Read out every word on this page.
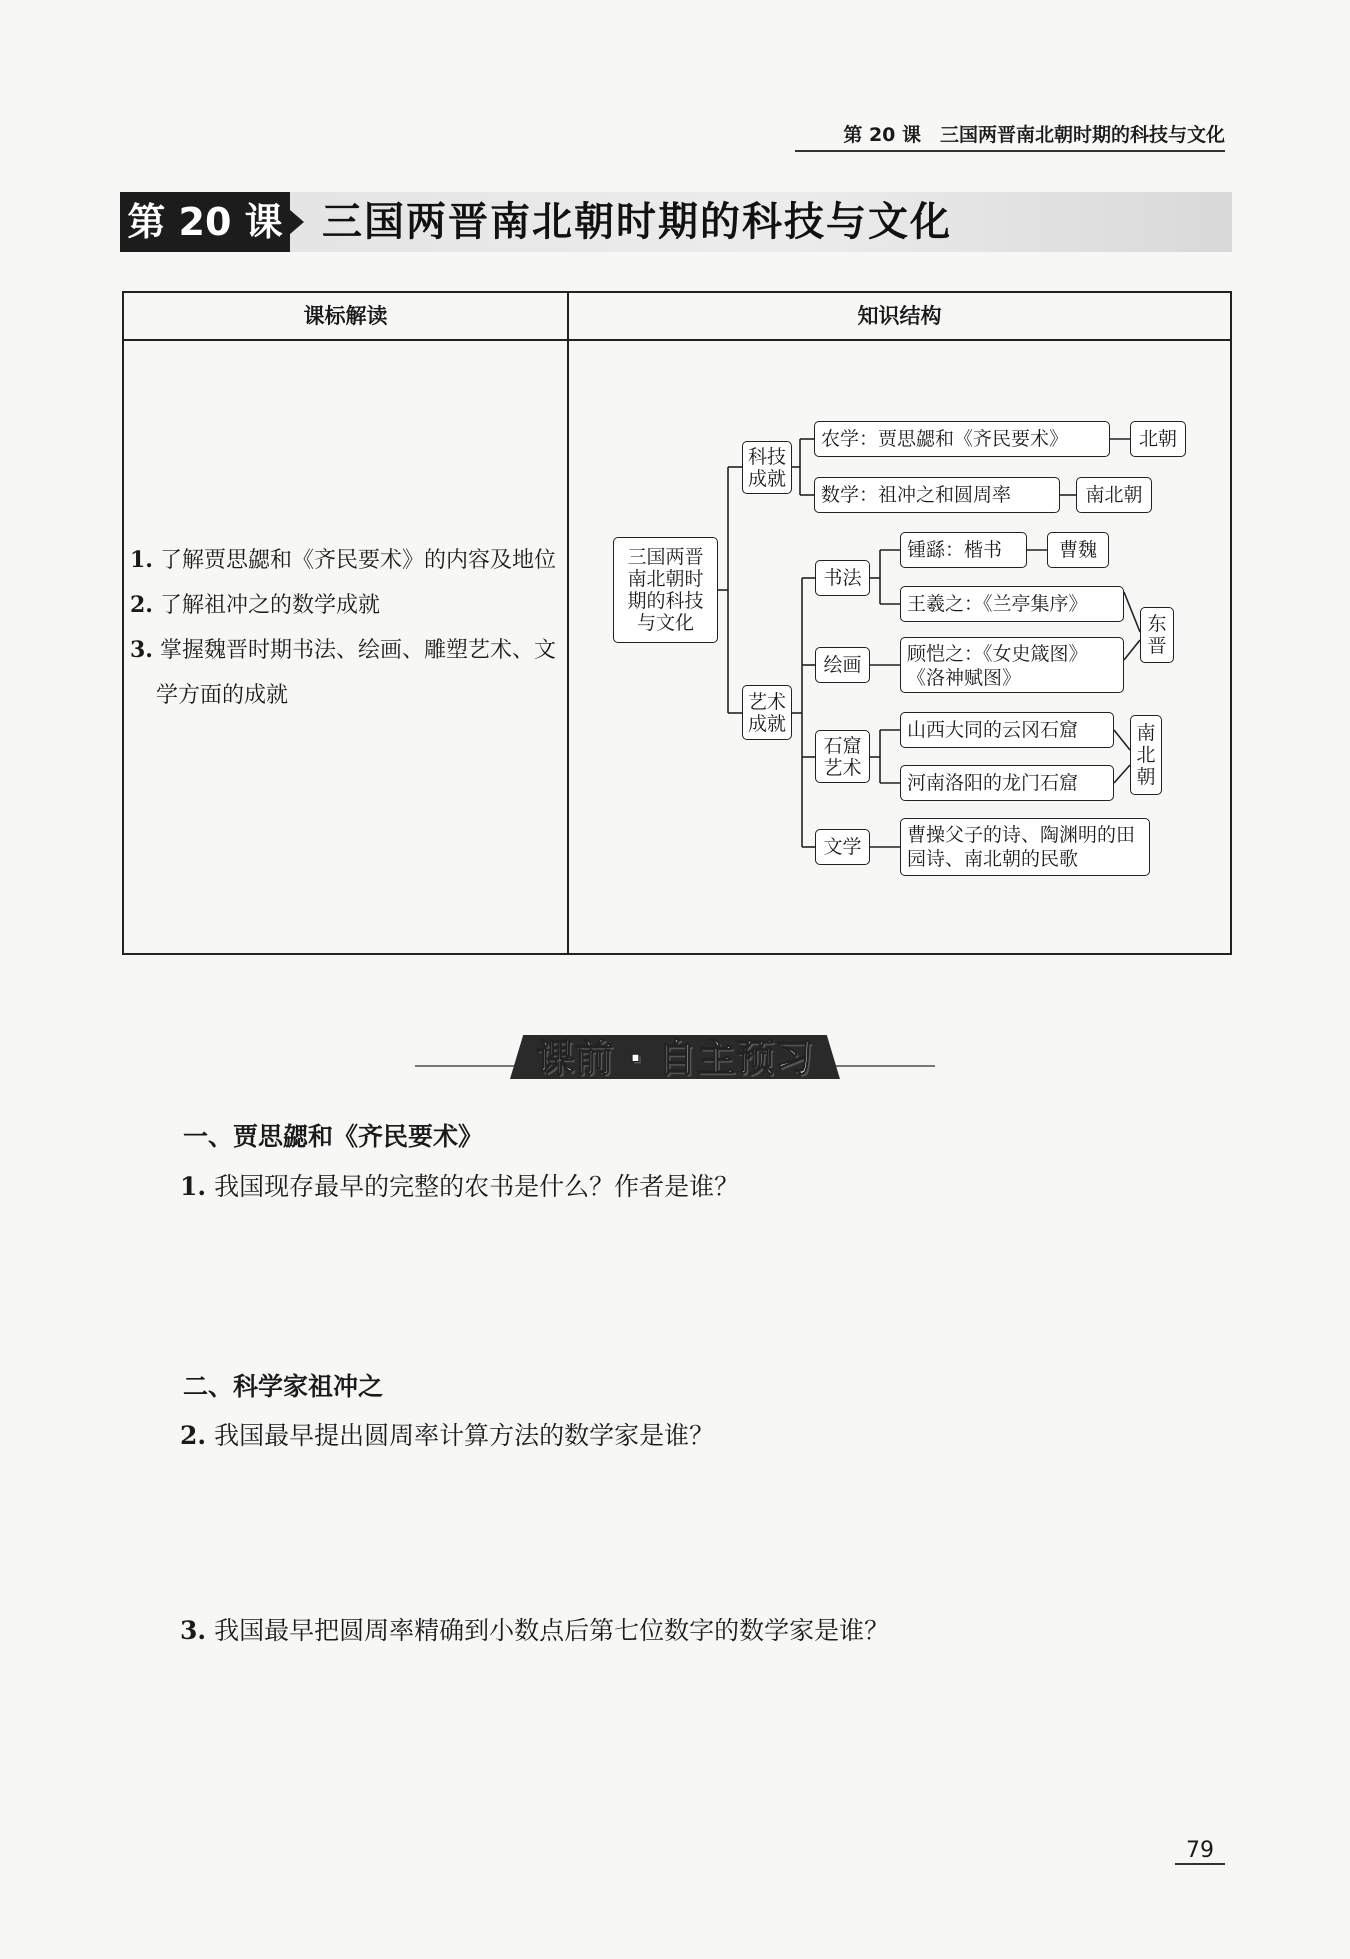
第 20 课　三国两晋南北朝时期的科技与文化
第 20 课 三国两晋南北朝时期的科技与文化
课标解读	知识结构
1. 了解贾思勰和《齐民要术》的内容及地位
2. 了解祖冲之的数学成就
3. 掌握魏晋时期书法、绘画、雕塑艺术、文学方面的成就
三国两晋南北朝时期的科技与文化
科技成就
农学：贾思勰和《齐民要术》	北朝
数学：祖冲之和圆周率	南北朝
艺术成就
书法
锺繇：楷书	曹魏
王羲之：《兰亭集序》
东晋
绘画	顾恺之：《女史箴图》
《洛神赋图》
石窟艺术
山西大同的云冈石窟
河南洛阳的龙门石窟
南北朝
文学
曹操父子的诗、陶渊明的田园诗、南北朝的民歌
课前 · 自主预习
一、贾思勰和《齐民要术》
1. 我国现存最早的完整的农书是什么？作者是谁？
二、科学家祖冲之
2. 我国最早提出圆周率计算方法的数学家是谁？
3. 我国最早把圆周率精确到小数点后第七位数字的数学家是谁？
79
